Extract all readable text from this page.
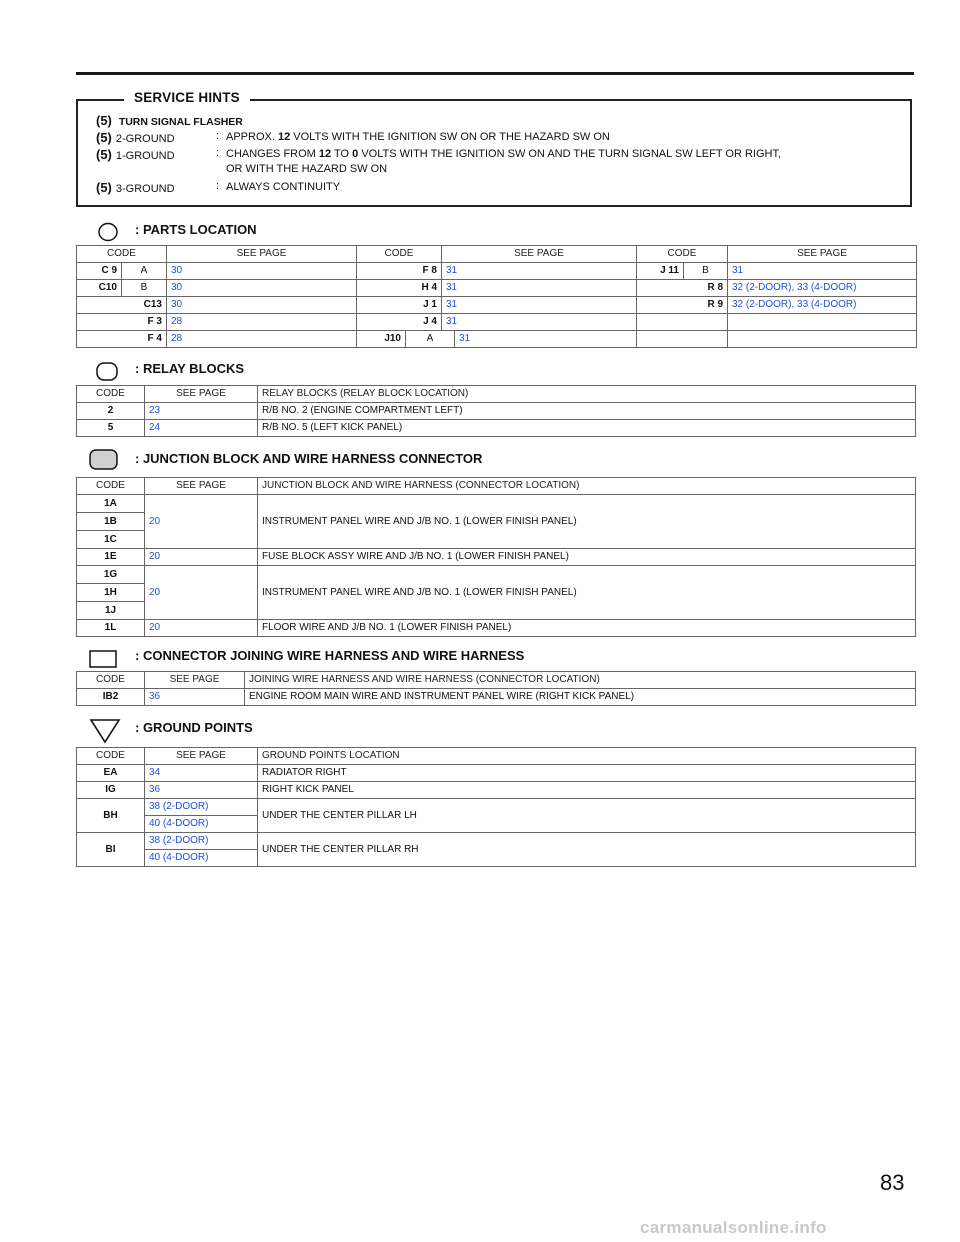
SERVICE HINTS
(5) TURN SIGNAL FLASHER
(5) 2-GROUND	: APPROX. 12 VOLTS WITH THE IGNITION SW ON OR THE HAZARD SW ON
(5) 1-GROUND	: CHANGES FROM 12 TO 0 VOLTS WITH THE IGNITION SW ON AND THE TURN SIGNAL SW LEFT OR RIGHT,
OR WITH THE HAZARD SW ON
(5) 3-GROUND	: ALWAYS CONTINUITY
: PARTS LOCATION
CODE	SEE PAGE	CODE	SEE PAGE	CODE	SEE PAGE
C 9	A	30	F 8	31	J 11	B	31
C10	B	30	H 4	31	R 8	32 (2-DOOR), 33 (4-DOOR)
C13	30	J 1	31	R 9	32 (2-DOOR), 33 (4-DOOR)
F 3	28	J 4	31		
F 4	28		J10	A	31

: RELAY BLOCKS
CODE	SEE PAGE	RELAY BLOCKS (RELAY BLOCK LOCATION)
2	23	R/B NO. 2 (ENGINE COMPARTMENT LEFT)
5	24	R/B NO. 5 (LEFT KICK PANEL)
: JUNCTION BLOCK AND WIRE HARNESS CONNECTOR
CODE	SEE PAGE	JUNCTION BLOCK AND WIRE HARNESS (CONNECTOR LOCATION)
1A	20	INSTRUMENT PANEL WIRE AND J/B NO. 1 (LOWER FINISH PANEL)
1B		
1C		
1E	20	FUSE BLOCK ASSY WIRE AND J/B NO. 1 (LOWER FINISH PANEL)
1G	20	INSTRUMENT PANEL WIRE AND J/B NO. 1 (LOWER FINISH PANEL)
1H		
1J		
1L	20	FLOOR WIRE AND J/B NO. 1 (LOWER FINISH PANEL)
: CONNECTOR JOINING WIRE HARNESS AND WIRE HARNESS
CODE	SEE PAGE	JOINING WIRE HARNESS AND WIRE HARNESS (CONNECTOR LOCATION)
IB2	36	ENGINE ROOM MAIN WIRE AND INSTRUMENT PANEL WIRE (RIGHT KICK PANEL)
: GROUND POINTS
CODE	SEE PAGE	GROUND POINTS LOCATION
EA	34	RADIATOR RIGHT
IG	36	RIGHT KICK PANEL
BH	38 (2-DOOR)	UNDER THE CENTER PILLAR LH
	40 (4-DOOR)	
BI	38 (2-DOOR)	UNDER THE CENTER PILLAR RH
	40 (4-DOOR)	
83
carmanualsonline.info
